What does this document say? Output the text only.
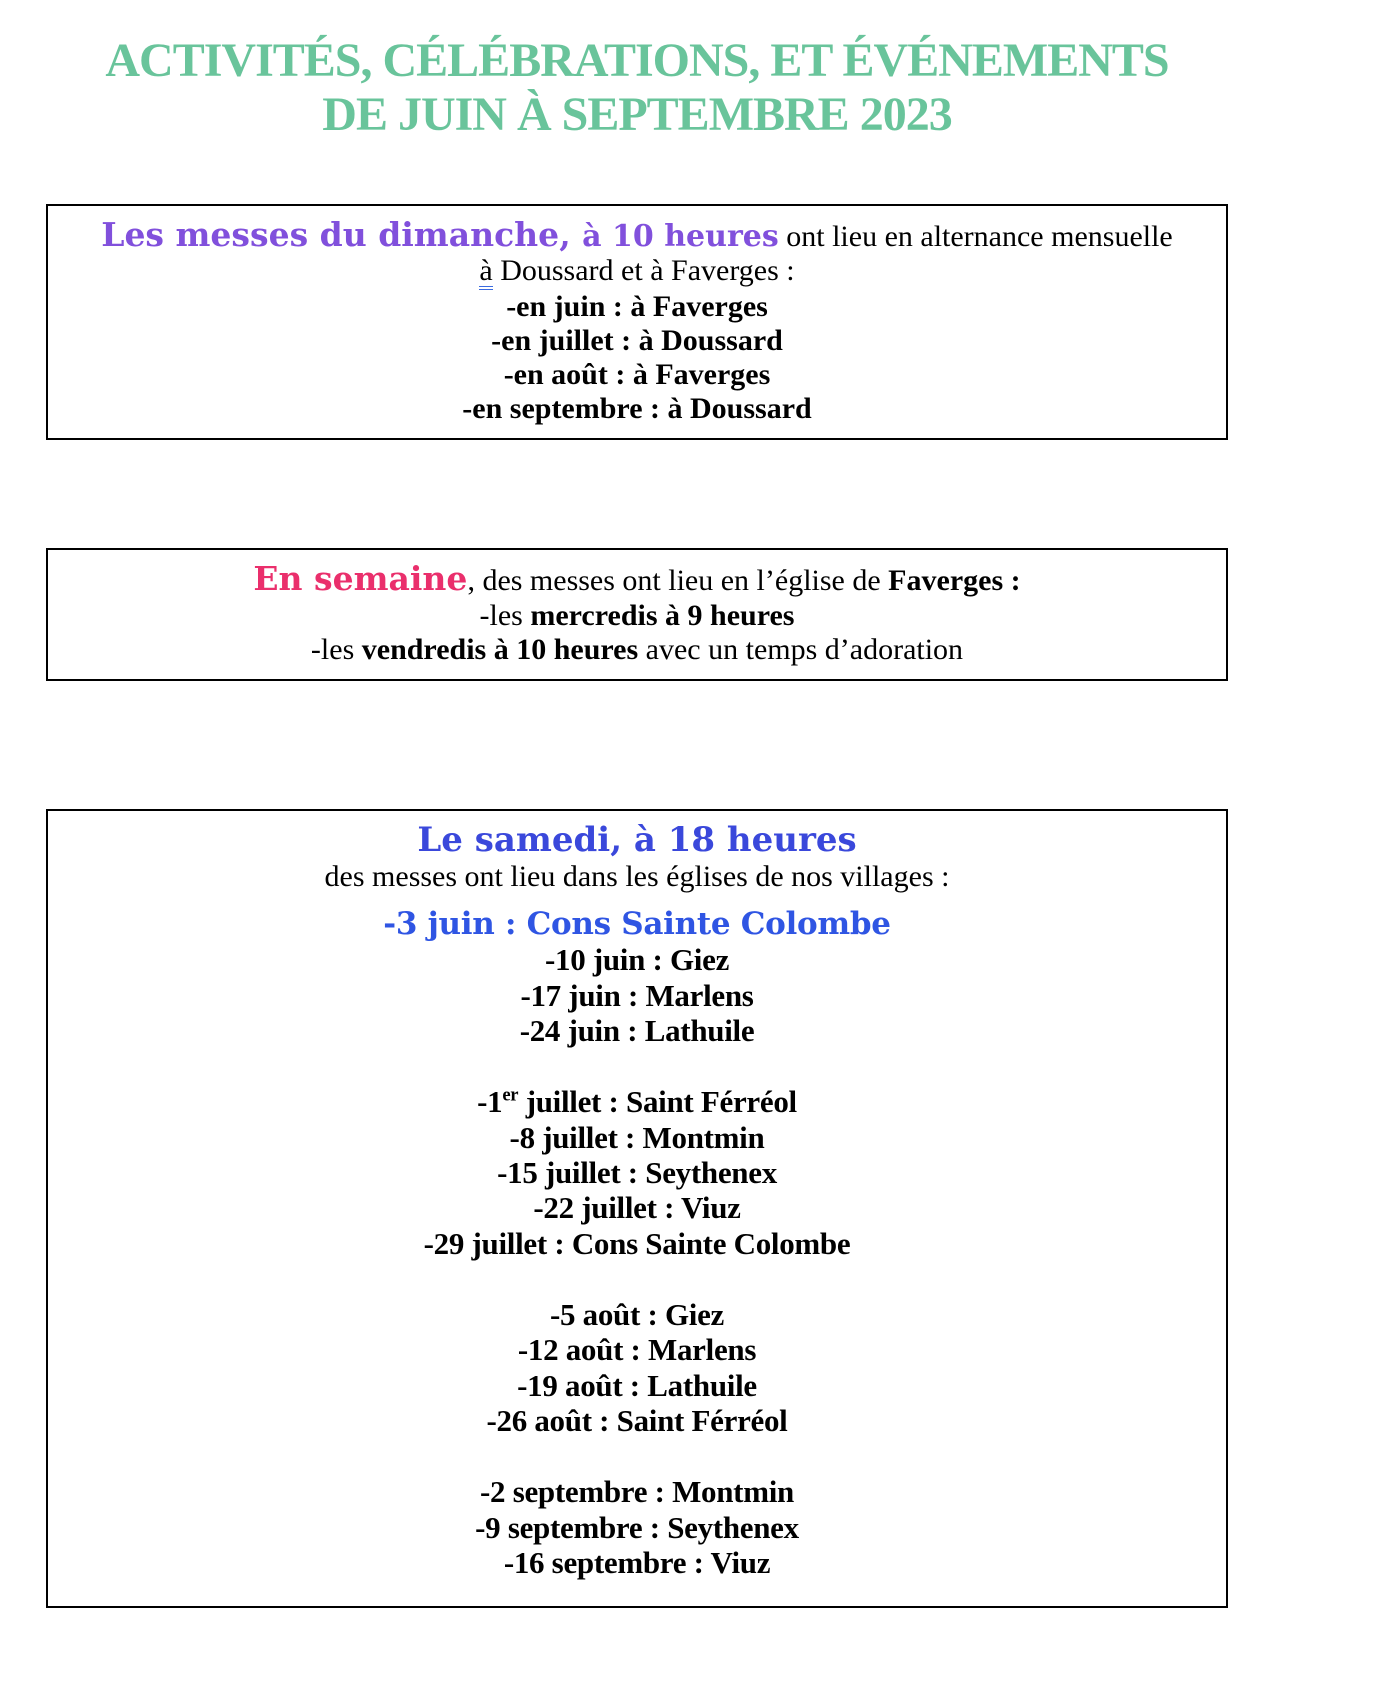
ACTIVITÉS, CÉLÉBRATIONS, ET ÉVÉNEMENTS
DE JUIN À SEPTEMBRE 2023

Les messes du dimanche, à 10 heures ont lieu en alternance mensuelle

à Doussard et à Faverges :

-en juin : à Faverges

-en juillet : à Doussard

-en août : à Faverges

-en septembre : à Doussard

En semaine, des messes ont lieu en l’église de Faverges :

-les mercredis à 9 heures

-les vendredis à 10 heures avec un temps d’adoration

Le samedi, à 18 heures

des messes ont lieu dans les églises de nos villages :

-3 juin : Cons Sainte Colombe

-10 juin : Giez

-17 juin : Marlens

-24 juin : Lathuile

-1er juillet : Saint Férréol

-8 juillet : Montmin

-15 juillet : Seythenex

-22 juillet : Viuz

-29 juillet : Cons Sainte Colombe

-5 août : Giez

-12 août : Marlens

-19 août : Lathuile

-26 août : Saint Férréol

-2 septembre : Montmin

-9 septembre : Seythenex

-16 septembre : Viuz
